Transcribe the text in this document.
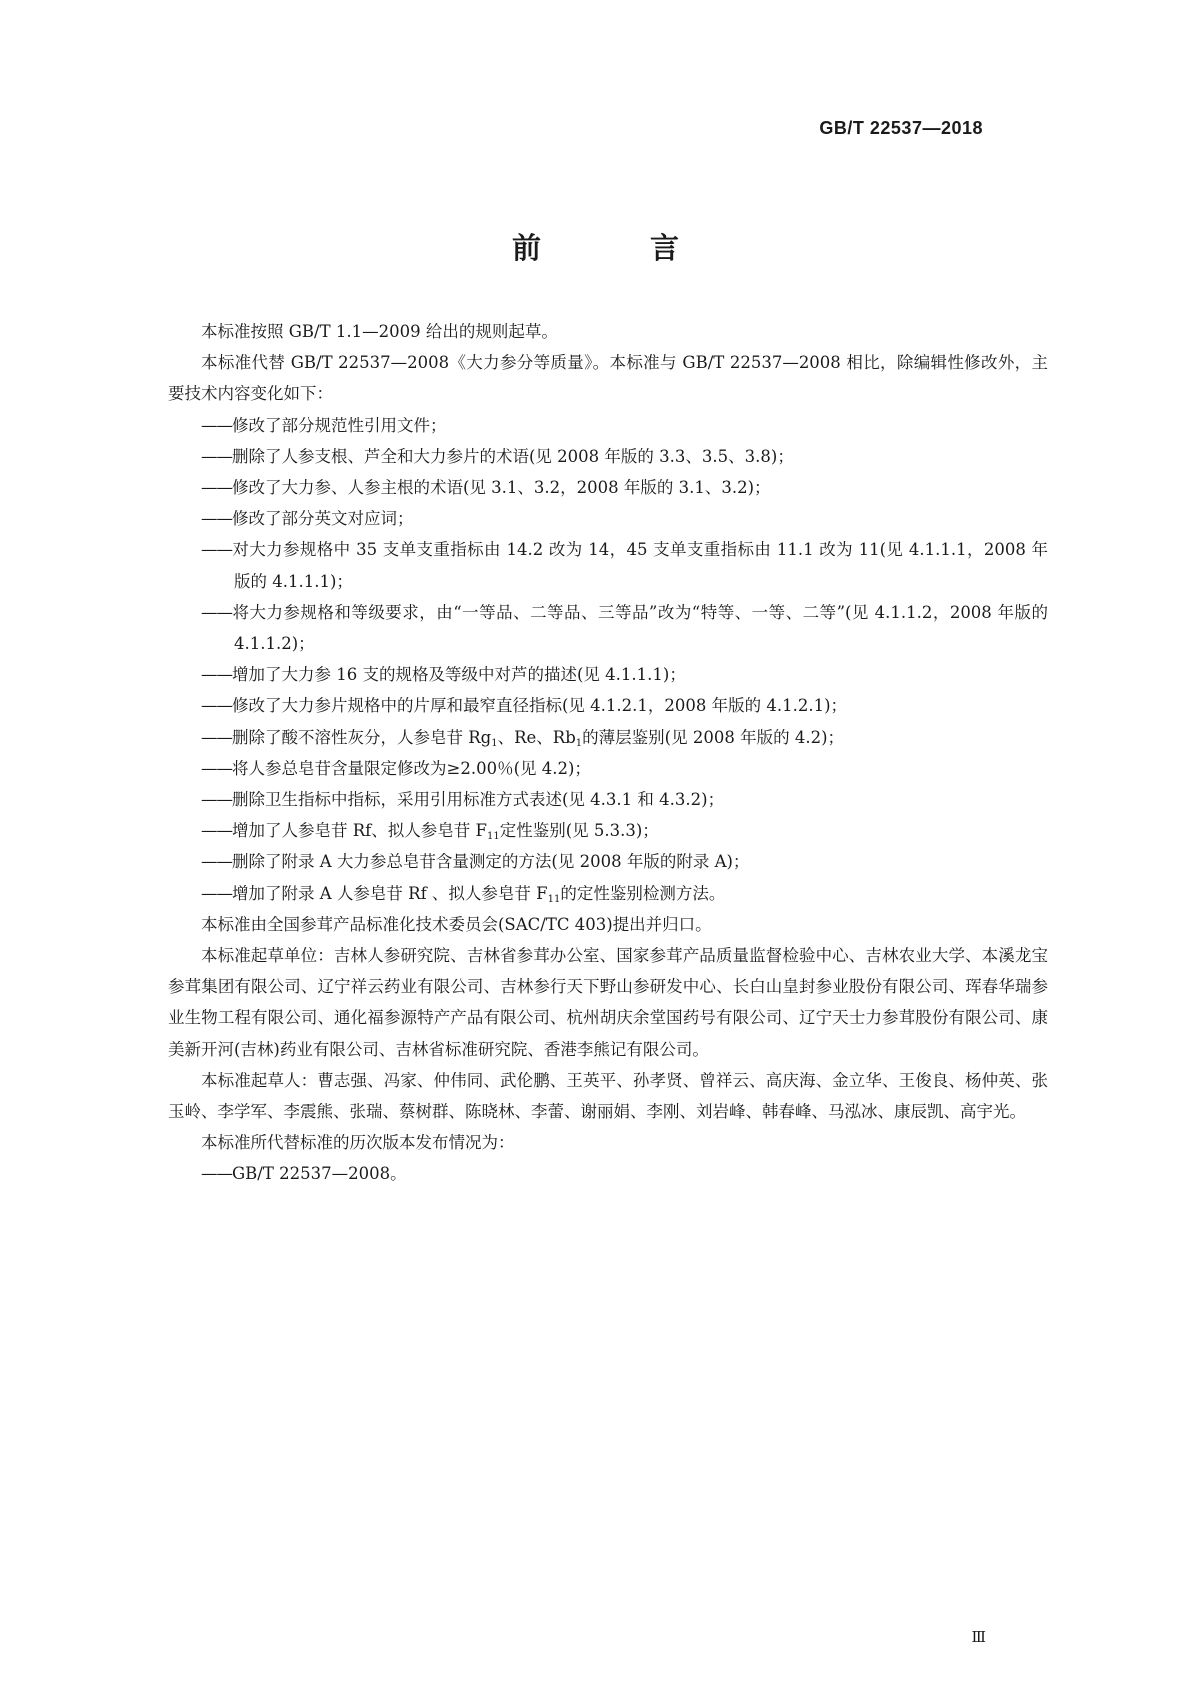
GB/T 22537—2018
前　言

本标准按照 GB/T 1.1—2009 给出的规则起草。

本标准代替 GB/T 22537—2008《大力参分等质量》。本标准与 GB/T 22537—2008 相比，除编辑性修改外，主要技术内容变化如下：

——修改了部分规范性引用文件；

——删除了人参支根、芦全和大力参片的术语(见 2008 年版的 3.3、3.5、3.8)；

——修改了大力参、人参主根的术语(见 3.1、3.2，2008 年版的 3.1、3.2)；

——修改了部分英文对应词；

——对大力参规格中 35 支单支重指标由 14.2 改为 14，45 支单支重指标由 11.1 改为 11(见 4.1.1.1，2008 年版的 4.1.1.1)；

——将大力参规格和等级要求，由“一等品、二等品、三等品”改为“特等、一等、二等”(见 4.1.1.2，2008 年版的 4.1.1.2)；

——增加了大力参 16 支的规格及等级中对芦的描述(见 4.1.1.1)；

——修改了大力参片规格中的片厚和最窄直径指标(见 4.1.2.1，2008 年版的 4.1.2.1)；

——删除了酸不溶性灰分，人参皂苷 $Rg_1$、Re、$Rb_1$的薄层鉴别(见 2008 年版的 4.2)；

——将人参总皂苷含量限定修改为≥2.00％(见 4.2)；

——删除卫生指标中指标，采用引用标准方式表述(见 4.3.1 和 4.3.2)；

——增加了人参皂苷 Rf、拟人参皂苷 $F_{11}$定性鉴别(见 5.3.3)；

——删除了附录 A 大力参总皂苷含量测定的方法(见 2008 年版的附录 A)；

——增加了附录 A 人参皂苷 Rf 、拟人参皂苷 $F_{11}$的定性鉴别检测方法。

本标准由全国参茸产品标准化技术委员会(SAC/TC 403)提出并归口。

本标准起草单位：吉林人参研究院、吉林省参茸办公室、国家参茸产品质量监督检验中心、吉林农业大学、本溪龙宝参茸集团有限公司、辽宁祥云药业有限公司、吉林参行天下野山参研发中心、长白山皇封参业股份有限公司、珲春华瑞参业生物工程有限公司、通化福参源特产产品有限公司、杭州胡庆余堂国药号有限公司、辽宁天士力参茸股份有限公司、康美新开河(吉林)药业有限公司、吉林省标准研究院、香港李熊记有限公司。

本标准起草人：曹志强、冯家、仲伟同、武伦鹏、王英平、孙孝贤、曾祥云、高庆海、金立华、王俊良、杨仲英、张玉岭、李学军、李震熊、张瑞、蔡树群、陈晓林、李蕾、谢丽娟、李刚、刘岩峰、韩春峰、马泓冰、康辰凯、高宇光。

本标准所代替标准的历次版本发布情况为：

——GB/T 22537—2008。

Ⅲ
